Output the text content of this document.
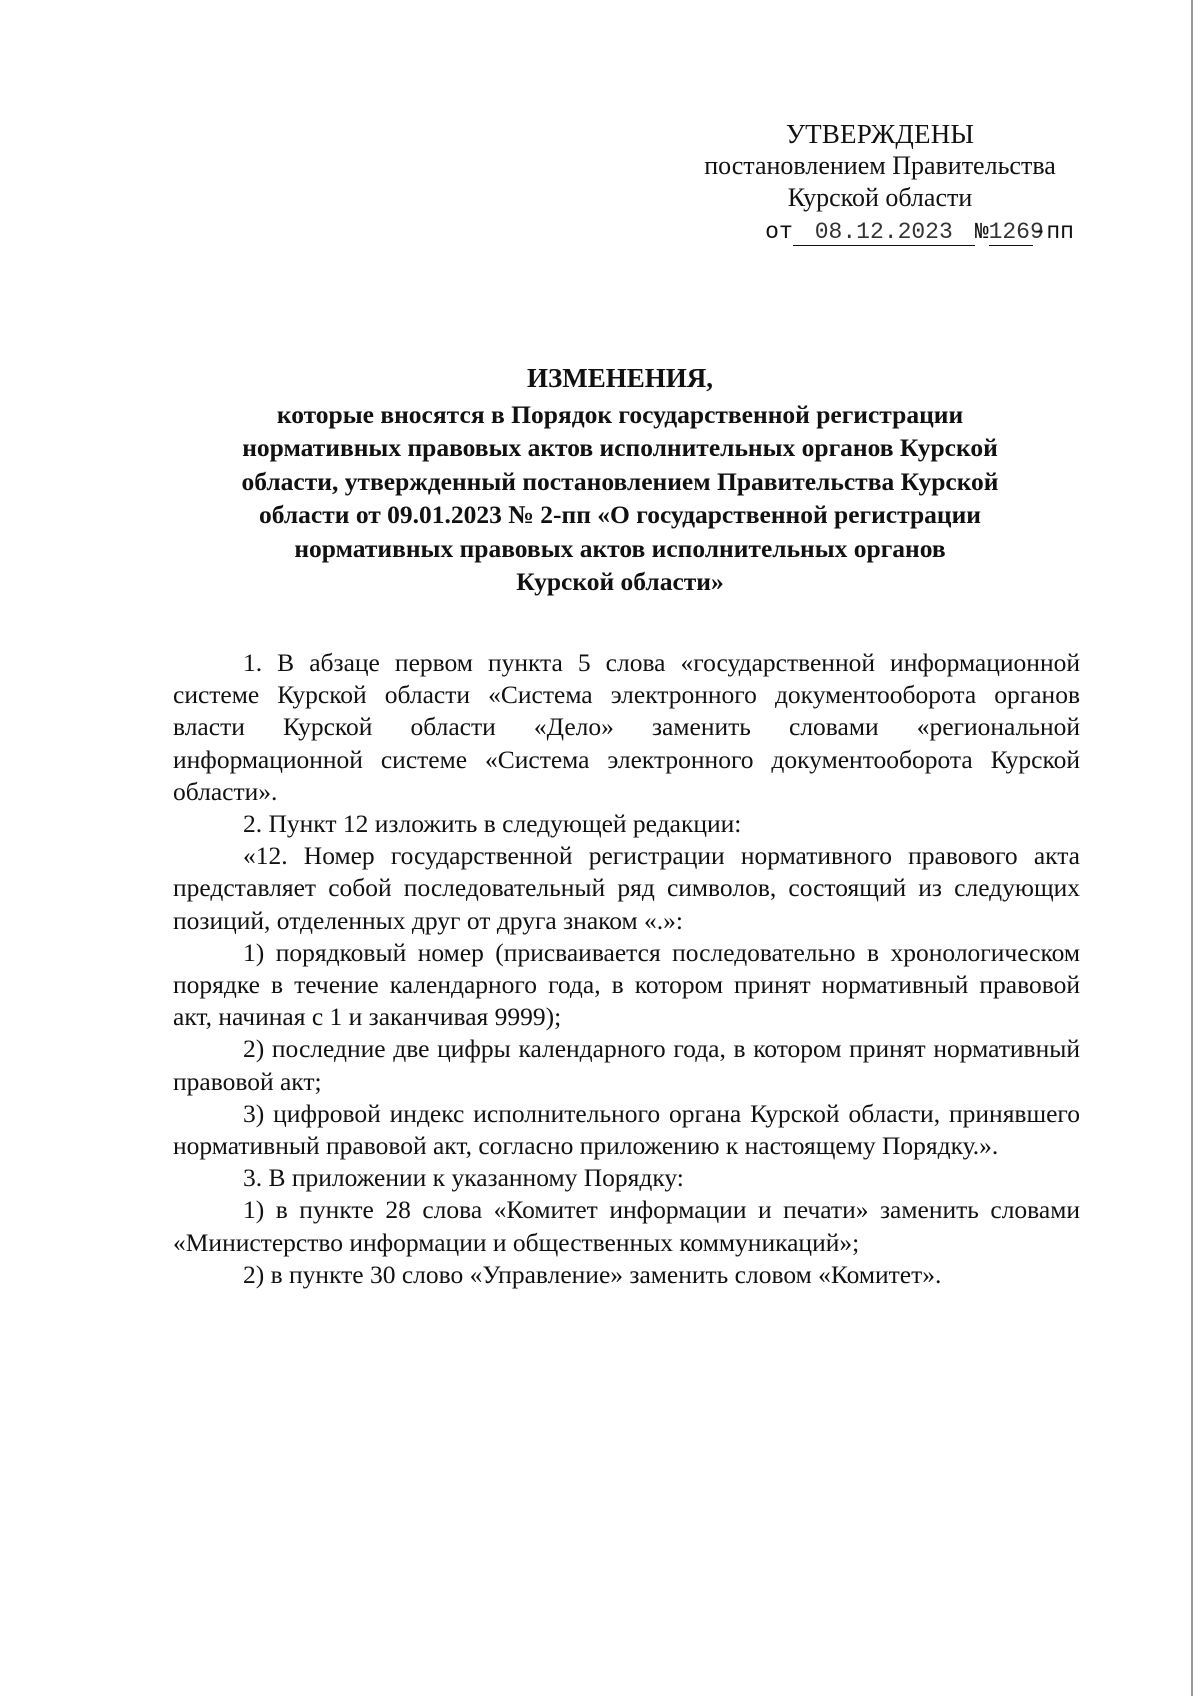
УТВЕРЖДЕНЫ
постановлением Правительства
Курской области
от 08.12.2023 №1269-пп
ИЗМЕНЕНИЯ,
которые вносятся в Порядок государственной регистрации
нормативных правовых актов исполнительных органов Курской
области, утвержденный постановлением Правительства Курской
области от 09.01.2023 № 2-пп «О государственной регистрации
нормативных правовых актов исполнительных органов
Курской области»

1. В абзаце первом пункта 5 слова «государственной информационной системе Курской области «Система электронного документооборота органов власти Курской области «Дело» заменить словами «региональной информационной системе «Система электронного документооборота Курской области».

2. Пункт 12 изложить в следующей редакции:

«12. Номер государственной регистрации нормативного правового акта представляет собой последовательный ряд символов, состоящий из следующих позиций, отделенных друг от друга знаком «.»:

1) порядковый номер (присваивается последовательно в хронологическом порядке в течение календарного года, в котором принят нормативный правовой акт, начиная с 1 и заканчивая 9999);

2) последние две цифры календарного года, в котором принят нормативный правовой акт;

3) цифровой индекс исполнительного органа Курской области, принявшего нормативный правовой акт, согласно приложению к настоящему Порядку.».

3. В приложении к указанному Порядку:

1) в пункте 28 слова «Комитет информации и печати» заменить словами «Министерство информации и общественных коммуникаций»;

2) в пункте 30 слово «Управление» заменить словом «Комитет».
